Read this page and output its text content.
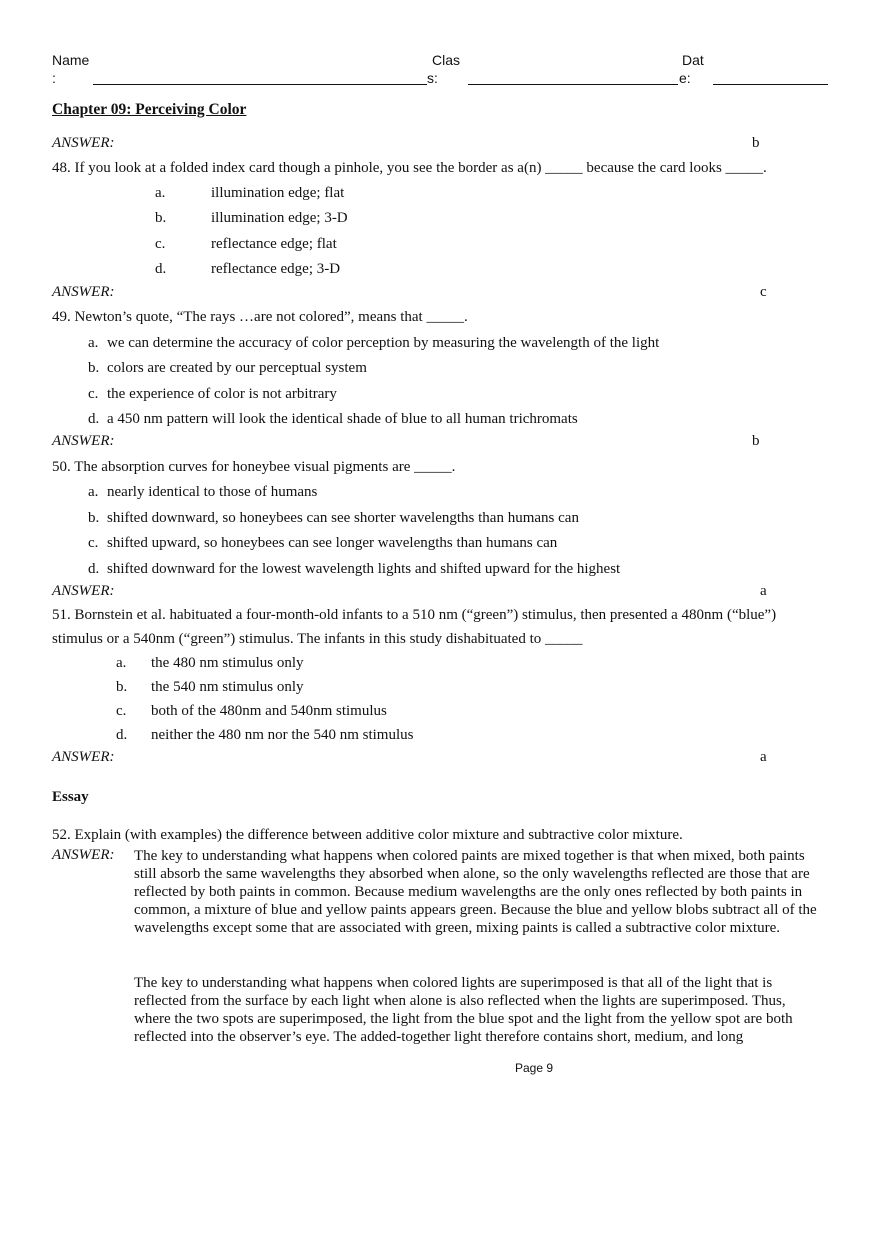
Name
:
Clas
s:
Dat
e:
Chapter 09: Perceiving Color
ANSWER:	b
48. If you look at a folded index card though a pinhole, you see the border as a(n) _____ because the card looks _____.
a.	illumination edge; flat
b.	illumination edge; 3-D
c.	reflectance edge; flat
d.	reflectance edge; 3-D
ANSWER:	c
49. Newton’s quote, “The rays …are not colored”, means that _____.
a. we can determine the accuracy of color perception by measuring the wavelength of the light
b. colors are created by our perceptual system
c. the experience of color is not arbitrary
d. a 450 nm pattern will look the identical shade of blue to all human trichromats
ANSWER:	b
50. The absorption curves for honeybee visual pigments are _____.
a. nearly identical to those of humans
b. shifted downward, so honeybees can see shorter wavelengths than humans can
c. shifted upward, so honeybees can see longer wavelengths than humans can
d. shifted downward for the lowest wavelength lights and shifted upward for the highest
ANSWER:	a
51. Bornstein et al. habituated a four-month-old infants to a 510 nm (“green”) stimulus, then presented a 480nm (“blue”)
stimulus or a 540nm (“green”) stimulus. The infants in this study dishabituated to _____
a. the 480 nm stimulus only
b. the 540 nm stimulus only
c. both of the 480nm and 540nm stimulus
d. neither the 480 nm nor the 540 nm stimulus
ANSWER:	a
Essay
52. Explain (with examples) the difference between additive color mixture and subtractive color mixture.
ANSWER: The key to understanding what happens when colored paints are mixed together is that when mixed, both paints still absorb the same wavelengths they absorbed when alone, so the only wavelengths reflected are those that are reflected by both paints in common. Because medium wavelengths are the only ones reflected by both paints in common, a mixture of blue and yellow paints appears green. Because the blue and yellow blobs subtract all of the wavelengths except some that are associated with green, mixing paints is called a subtractive color mixture.
The key to understanding what happens when colored lights are superimposed is that all of the light that is reflected from the surface by each light when alone is also reflected when the lights are superimposed. Thus, where the two spots are superimposed, the light from the blue spot and the light from the yellow spot are both reflected into the observer’s eye. The added-together light therefore contains short, medium, and long
Page 9
